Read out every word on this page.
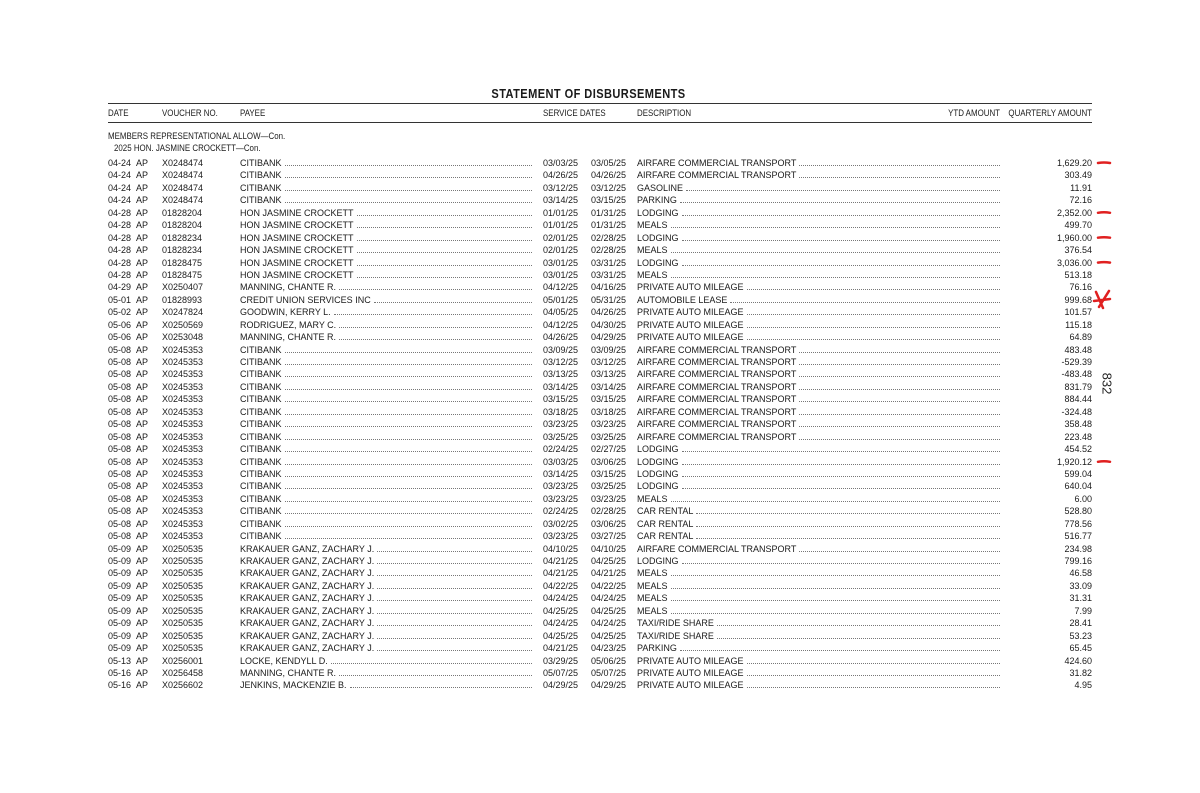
STATEMENT OF DISBURSEMENTS
DATE	VOUCHER NO. PAYEE	SERVICE DATES	DESCRIPTION	YTD AMOUNT QUARTERLY AMOUNT
MEMBERS REPRESENTATIONAL ALLOW—Con.
2025 HON. JASMINE CROCKETT—Con.
04-24 AP X0248474	CITIBANK	03/03/25 03/05/25 AIRFARE COMMERCIAL TRANSPORT	1,629.20
04-24 AP X0248474	CITIBANK	04/26/25 04/26/25 AIRFARE COMMERCIAL TRANSPORT	303.49
04-24 AP X0248474	CITIBANK	03/12/25 03/12/25 GASOLINE	11.91
04-24 AP X0248474	CITIBANK	03/14/25 03/15/25 PARKING	72.16
04-28 AP 01828204	HON JASMINE CROCKETT	01/01/25 01/31/25 LODGING	2,352.00
04-28 AP 01828204	HON JASMINE CROCKETT	01/01/25 01/31/25 MEALS	499.70
04-28 AP 01828234	HON JASMINE CROCKETT	02/01/25 02/28/25 LODGING	1,960.00
04-28 AP 01828234	HON JASMINE CROCKETT	02/01/25 02/28/25 MEALS	376.54
04-28 AP 01828475	HON JASMINE CROCKETT	03/01/25 03/31/25 LODGING	3,036.00
04-28 AP 01828475	HON JASMINE CROCKETT	03/01/25 03/31/25 MEALS	513.18
04-29 AP X0250407	MANNING, CHANTE R.	04/12/25 04/16/25 PRIVATE AUTO MILEAGE	76.16
05-01 AP 01828993	CREDIT UNION SERVICES INC	05/01/25 05/31/25 AUTOMOBILE LEASE	999.68
05-02 AP X0247824	GOODWIN, KERRY L.	04/05/25 04/26/25 PRIVATE AUTO MILEAGE	101.57
05-06 AP X0250569	RODRIGUEZ, MARY C.	04/12/25 04/30/25 PRIVATE AUTO MILEAGE	115.18
05-06 AP X0253048	MANNING, CHANTE R.	04/26/25 04/29/25 PRIVATE AUTO MILEAGE	64.89
05-08 AP X0245353	CITIBANK	03/09/25 03/09/25 AIRFARE COMMERCIAL TRANSPORT	483.48
05-08 AP X0245353	CITIBANK	03/12/25 03/12/25 AIRFARE COMMERCIAL TRANSPORT	-529.39
05-08 AP X0245353	CITIBANK	03/13/25 03/13/25 AIRFARE COMMERCIAL TRANSPORT	-483.48
05-08 AP X0245353	CITIBANK	03/14/25 03/14/25 AIRFARE COMMERCIAL TRANSPORT	831.79
05-08 AP X0245353	CITIBANK	03/15/25 03/15/25 AIRFARE COMMERCIAL TRANSPORT	884.44
05-08 AP X0245353	CITIBANK	03/18/25 03/18/25 AIRFARE COMMERCIAL TRANSPORT	-324.48
05-08 AP X0245353	CITIBANK	03/23/25 03/23/25 AIRFARE COMMERCIAL TRANSPORT	358.48
05-08 AP X0245353	CITIBANK	03/25/25 03/25/25 AIRFARE COMMERCIAL TRANSPORT	223.48
05-08 AP X0245353	CITIBANK	02/24/25 02/27/25 LODGING	454.52
05-08 AP X0245353	CITIBANK	03/03/25 03/06/25 LODGING	1,920.12
05-08 AP X0245353	CITIBANK	03/14/25 03/15/25 LODGING	599.04
05-08 AP X0245353	CITIBANK	03/23/25 03/25/25 LODGING	640.04
05-08 AP X0245353	CITIBANK	03/23/25 03/23/25 MEALS	6.00
05-08 AP X0245353	CITIBANK	02/24/25 02/28/25 CAR RENTAL	528.80
05-08 AP X0245353	CITIBANK	03/02/25 03/06/25 CAR RENTAL	778.56
05-08 AP X0245353	CITIBANK	03/23/25 03/27/25 CAR RENTAL	516.77
05-09 AP X0250535	KRAKAUER GANZ, ZACHARY J.	04/10/25 04/10/25 AIRFARE COMMERCIAL TRANSPORT	234.98
05-09 AP X0250535	KRAKAUER GANZ, ZACHARY J.	04/21/25 04/25/25 LODGING	799.16
05-09 AP X0250535	KRAKAUER GANZ, ZACHARY J.	04/21/25 04/21/25 MEALS	46.58
05-09 AP X0250535	KRAKAUER GANZ, ZACHARY J.	04/22/25 04/22/25 MEALS	33.09
05-09 AP X0250535	KRAKAUER GANZ, ZACHARY J.	04/24/25 04/24/25 MEALS	31.31
05-09 AP X0250535	KRAKAUER GANZ, ZACHARY J.	04/25/25 04/25/25 MEALS	7.99
05-09 AP X0250535	KRAKAUER GANZ, ZACHARY J.	04/24/25 04/24/25 TAXI/RIDE SHARE	28.41
05-09 AP X0250535	KRAKAUER GANZ, ZACHARY J.	04/25/25 04/25/25 TAXI/RIDE SHARE	53.23
05-09 AP X0250535	KRAKAUER GANZ, ZACHARY J.	04/21/25 04/23/25 PARKING	65.45
05-13 AP X0256001	LOCKE, KENDYLL D.	03/29/25 05/06/25 PRIVATE AUTO MILEAGE	424.60
05-16 AP X0256458	MANNING, CHANTE R.	05/07/25 05/07/25 PRIVATE AUTO MILEAGE	31.82
05-16 AP X0256602	JENKINS, MACKENZIE B.	04/29/25 04/29/25 PRIVATE AUTO MILEAGE	4.95
832
